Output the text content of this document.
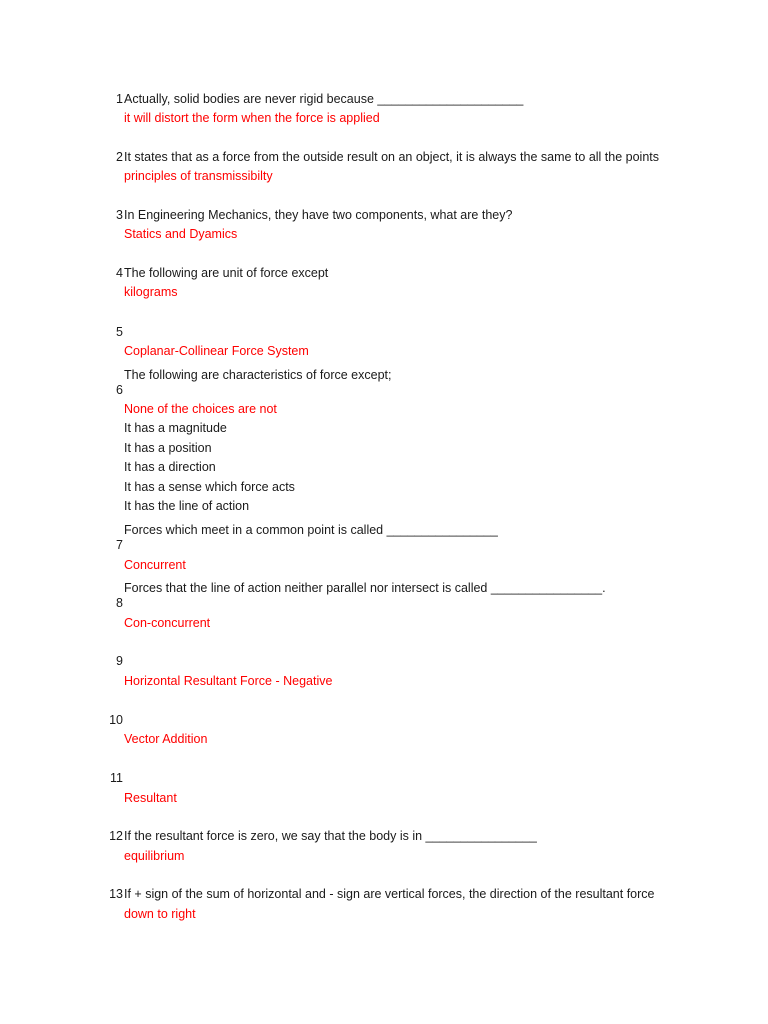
1 Actually, solid bodies are never rigid because _____________________
it will distort the form when the force is applied
2 It states that as a force from the outside result on an object, it is always the same to all the points
principles of transmissibilty
3 In Engineering Mechanics, they have two components, what are they?
Statics and Dyamics
4 The following are unit of force except
kilograms
5
Coplanar-Collinear Force System
The following are characteristics of force except;
6
None of the choices are not
It has a magnitude
It has a position
It has a direction
It has a sense which force acts
It has the line of action
Forces which meet in a common point is called ________________
7
Concurrent
Forces that the line of action neither parallel nor intersect is called ________________.
8
Con-concurrent
9
Horizontal Resultant Force - Negative
10
Vector Addition
11
Resultant
12 If the resultant force is zero, we say that the body is in ________________
equilibrium
13 If + sign of the sum of horizontal and - sign are vertical forces, the direction of the resultant force
down to right
